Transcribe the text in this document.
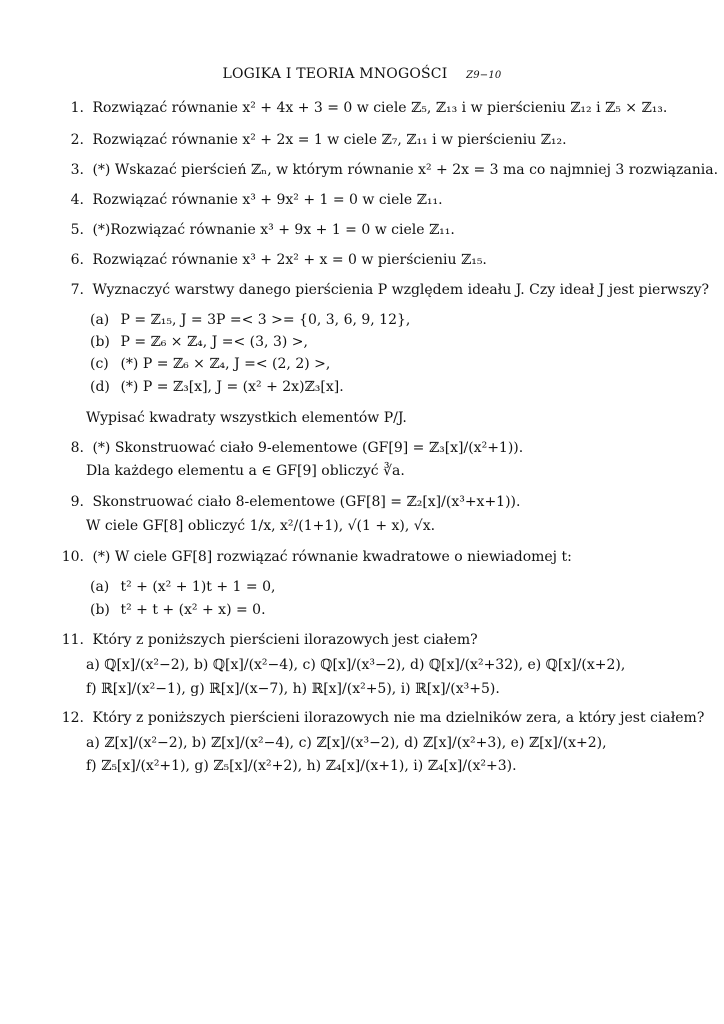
LOGIKA I TEORIA MNOGOŚCI Z9−10
1. Rozwiązać równanie x² + 4x + 3 = 0 w ciele ℤ₅, ℤ₁₃ i w pierścieniu ℤ₁₂ i ℤ₅ × ℤ₁₃.
2. Rozwiązać równanie x² + 2x = 1 w ciele ℤ₇, ℤ₁₁ i w pierścieniu ℤ₁₂.
3. (*) Wskazać pierścień ℤₙ, w którym równanie x² + 2x = 3 ma co najmniej 3 rozwiązania.
4. Rozwiązać równanie x³ + 9x² + 1 = 0 w ciele ℤ₁₁.
5. (*)Rozwiązać równanie x³ + 9x + 1 = 0 w ciele ℤ₁₁.
6. Rozwiązać równanie x³ + 2x² + x = 0 w pierścieniu ℤ₁₅.
7. Wyznaczyć warstwy danego pierścienia P względem ideału J. Czy ideał J jest pierwszy?
(a) P = ℤ₁₅, J = 3P =< 3 >= {0, 3, 6, 9, 12},
(b) P = ℤ₆ × ℤ₄, J =< (3, 3) >,
(c) (*) P = ℤ₆ × ℤ₄, J =< (2, 2) >,
(d) (*) P = ℤ₃[x], J = (x² + 2x)ℤ₃[x].
Wypisać kwadraty wszystkich elementów P/J.
8. (*) Skonstruować ciało 9-elementowe (GF[9] = ℤ₃[x]/(x²+1)).
Dla każdego elementu a ∈ GF[9] obliczyć ∛a.
9. Skonstruować ciało 8-elementowe (GF[8] = ℤ₂[x]/(x³+x+1)).
W ciele GF[8] obliczyć 1/x, x²/(1+1), √(1 + x), √x.
10. (*) W ciele GF[8] rozwiązać równanie kwadratowe o niewiadomej t:
(a) t² + (x² + 1)t + 1 = 0,
(b) t² + t + (x² + x) = 0.
11. Który z poniższych pierścieni ilorazowych jest ciałem?
a) ℚ[x]/(x²−2), b) ℚ[x]/(x²−4), c) ℚ[x]/(x³−2), d) ℚ[x]/(x²+32), e) ℚ[x]/(x+2),
f) ℝ[x]/(x²−1), g) ℝ[x]/(x−7), h) ℝ[x]/(x²+5), i) ℝ[x]/(x³+5).
12. Który z poniższych pierścieni ilorazowych nie ma dzielników zera, a który jest ciałem?
a) ℤ[x]/(x²−2), b) ℤ[x]/(x²−4), c) ℤ[x]/(x³−2), d) ℤ[x]/(x²+3), e) ℤ[x]/(x+2),
f) ℤ₅[x]/(x²+1), g) ℤ₅[x]/(x²+2), h) ℤ₄[x]/(x+1), i) ℤ₄[x]/(x²+3).
